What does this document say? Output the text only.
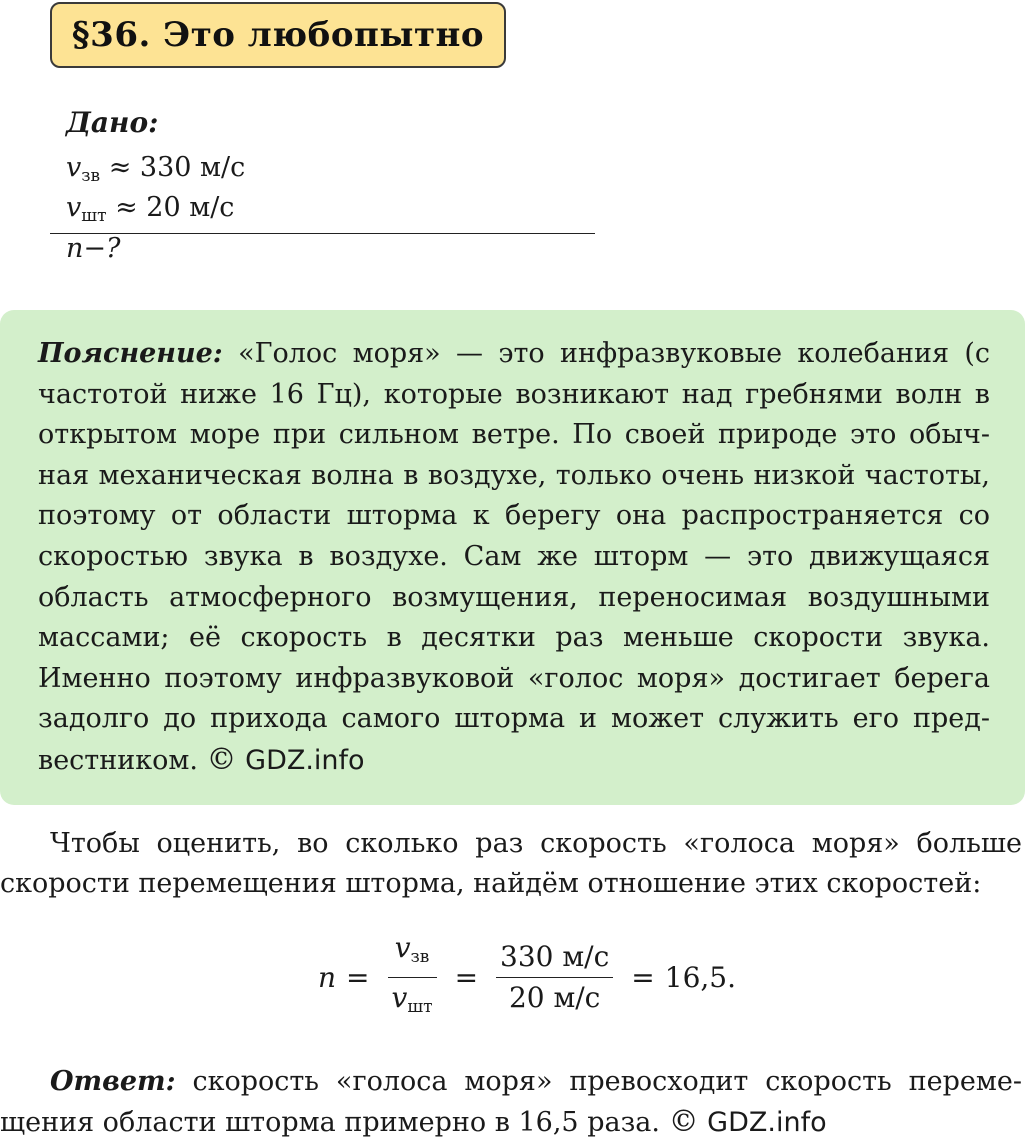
§36. Это любопытно
Дано:
$v_{зв} \approx 330$ м/с
$v_{шт} \approx 20$ м/с
n−?
Пояснение: «Голос моря» — это инфразвуковые колебания (с частотой ниже 16 Гц), которые возникают над гребнями волн в открытом море при сильном ветре. По своей природе это обычная механическая волна в воздухе, только очень низкой частоты, поэтому от области шторма к берегу она распространяется со скоростью звука в воздухе. Сам же шторм — это движущаяся область атмосферного возмущения, переносимая воздушными массами; её скорость в десятки раз меньше скорости звука. Именно поэтому инфразвуковой «голос моря» достигает берега задолго до прихода самого шторма и может служить его предвестником. © GDZ.info
Чтобы оценить, во сколько раз скорость «голоса моря» больше скорости перемещения шторма, найдём отношение этих скоростей:
$n = \frac{v_{зв}}{v_{шт}} = \frac{330 м/с}{20 м/с} = 16,5$.
Ответ: скорость «голоса моря» превосходит скорость перемещения области шторма примерно в 16,5 раза. © GDZ.info
